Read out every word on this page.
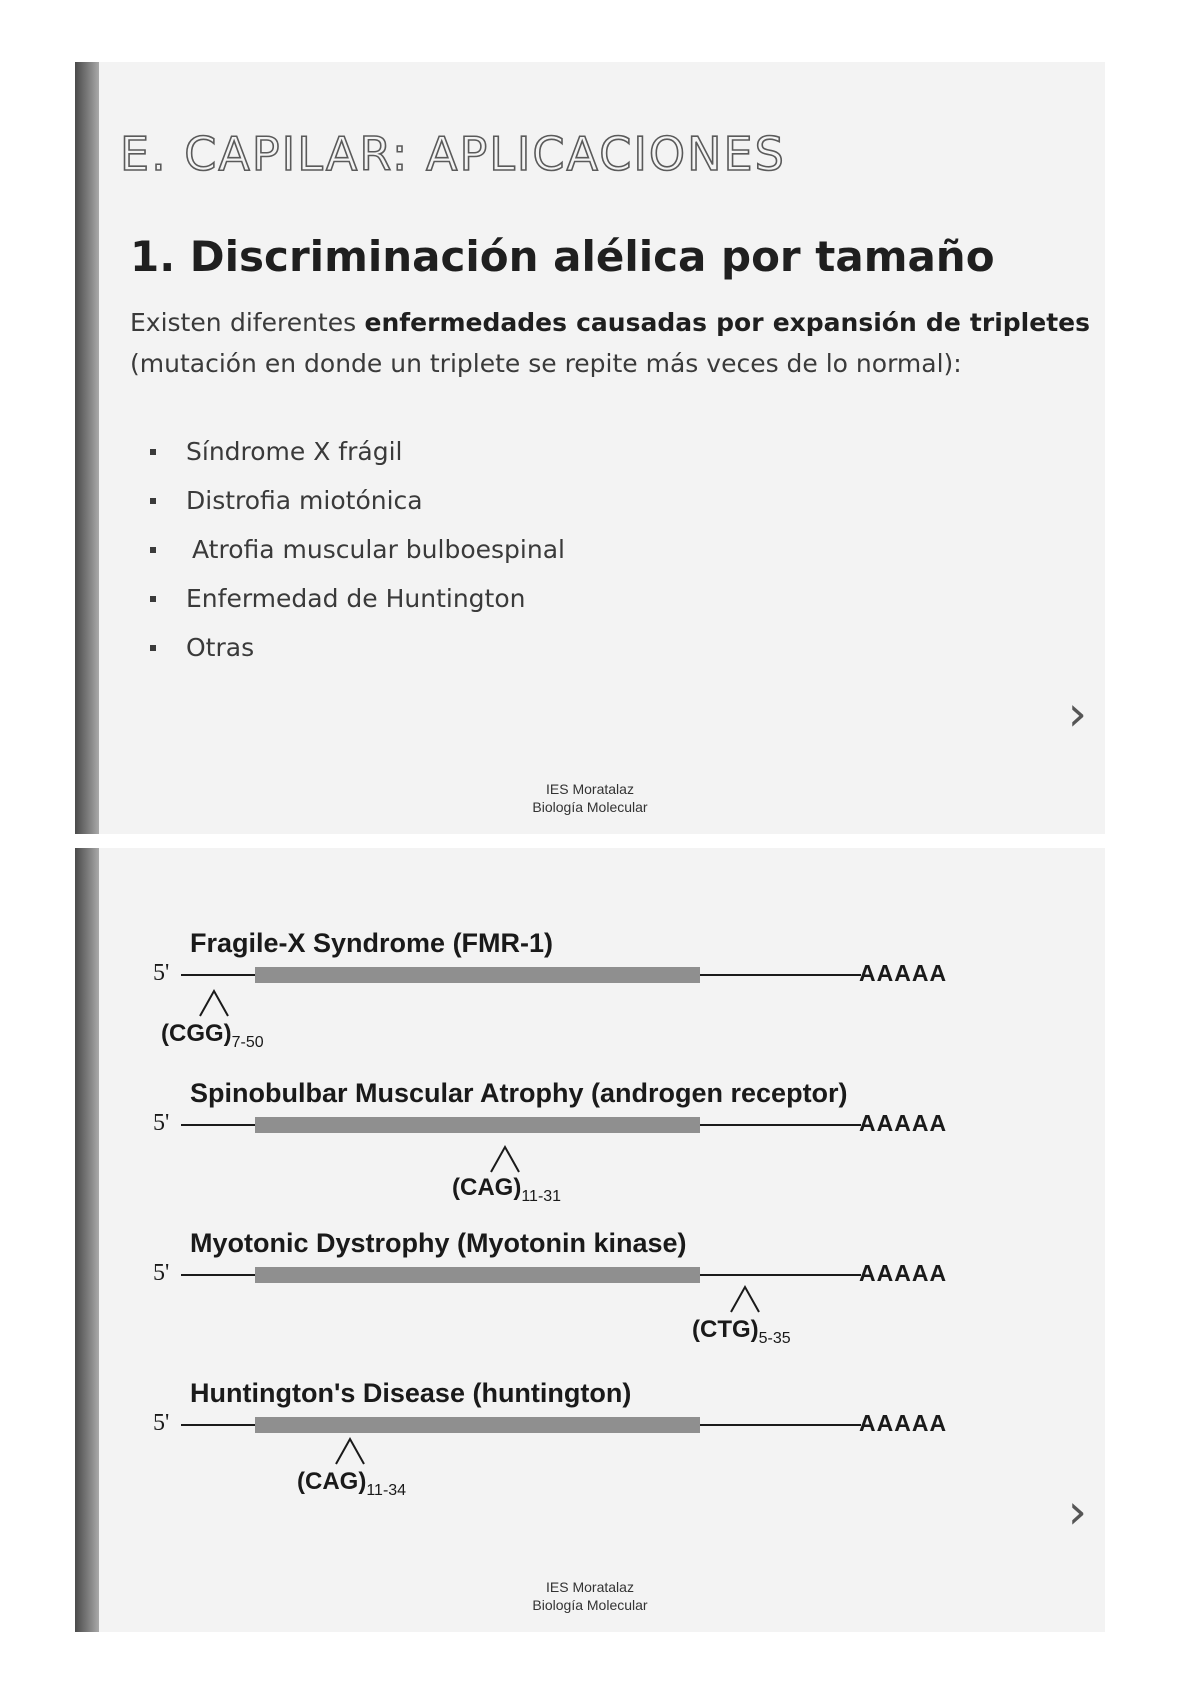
E. CAPILAR: APLICACIONES
1. Discriminación alélica por tamaño

Existen diferentes enfermedades causadas por expansión de tripletes (mutación en donde un triplete se repite más veces de lo normal):

Síndrome X frágil
Distrofia miotónica
Atrofia muscular bulboespinal
Enfermedad de Huntington
Otras
›
IES Moratalaz
Biología Molecular
Fragile-X Syndrome (FMR-1)
5'	AAAAA
$(CGG)_{7-50}$
Spinobulbar Muscular Atrophy (androgen receptor)
5'	AAAAA
$(CAG)_{11-31}$
Myotonic Dystrophy (Myotonin kinase)
5'	AAAAA
$(CTG)_{5-35}$
Huntington's Disease (huntington)
5'	AAAAA
$(CAG)_{11-34}$	›
IES Moratalaz
Biología Molecular
